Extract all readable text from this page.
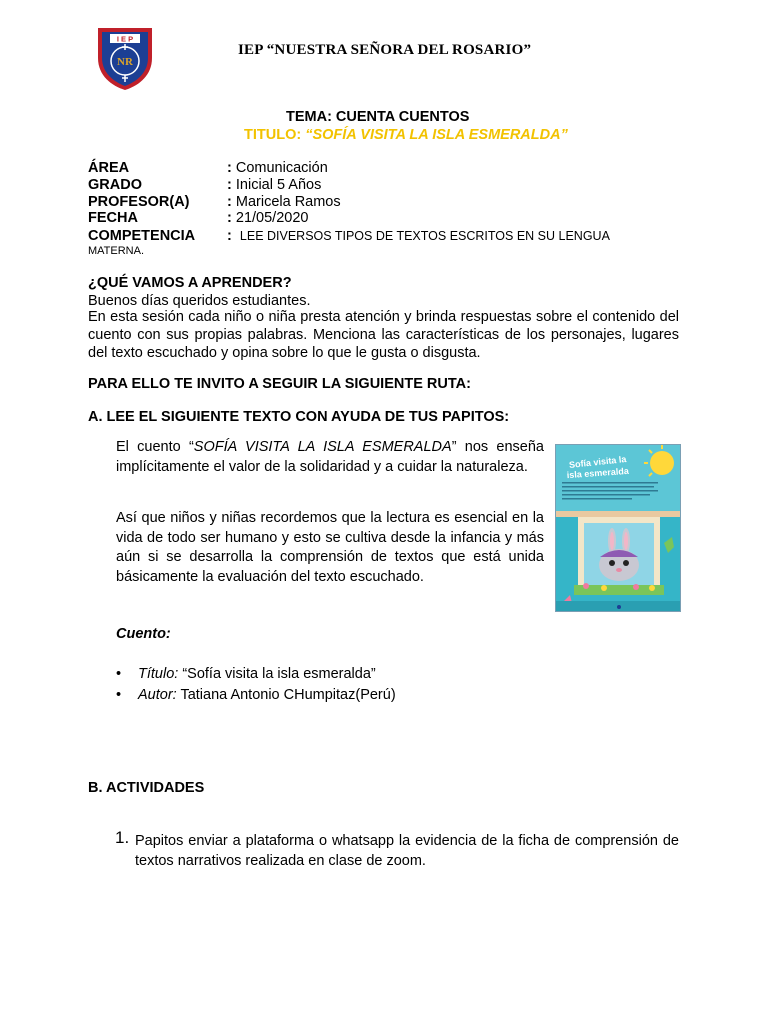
I E P
NR
IEP “NUESTRA SEÑORA DEL ROSARIO”
TEMA: CUENTA CUENTOS
TITULO: “SOFÍA VISITA LA ISLA ESMERALDA”
ÁREA	: Comunicación
GRADO	: Inicial 5 Años
PROFESOR(A)	: Maricela Ramos
FECHA	: 21/05/2020
COMPETENCIA : LEE DIVERSOS TIPOS DE TEXTOS ESCRITOS EN SU LENGUA
MATERNA.
¿QUÉ VAMOS A APRENDER?
Buenos días queridos estudiantes.
En esta sesión cada niño o niña presta atención y brinda respuestas sobre el contenido del cuento con sus propias palabras. Menciona las características de los personajes, lugares del texto escuchado y opina sobre lo que le gusta o disgusta.
PARA ELLO TE INVITO A SEGUIR LA SIGUIENTE RUTA:
A. LEE EL SIGUIENTE TEXTO CON AYUDA DE TUS PAPITOS:
El cuento “SOFÍA VISITA LA ISLA ESMERALDA” nos enseña implícitamente el valor de la solidaridad y a cuidar la naturaleza.
Así que niños y niñas recordemos que la lectura es esencial en la vida de todo ser humano y esto se cultiva desde la infancia y más aún si se desarrolla la comprensión de textos que está unida básicamente la evaluación del texto escuchado.
Sofía visita la
isla esmeralda
Cuento:
• Título: “Sofía visita la isla esmeralda”
• Autor: Tatiana Antonio CHumpitaz(Perú)
B. ACTIVIDADES
1. Papitos enviar a plataforma o whatsapp la evidencia de la ficha de comprensión de textos narrativos realizada en clase de zoom.
